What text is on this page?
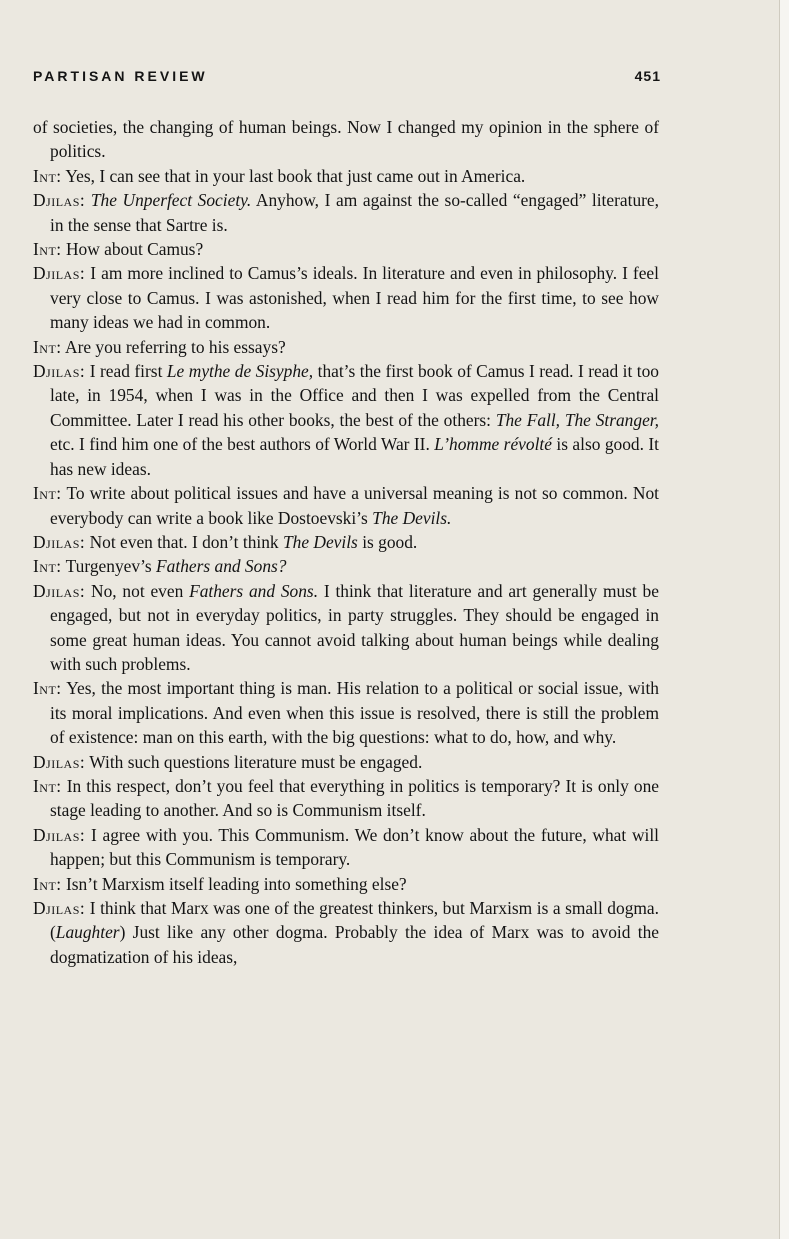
PARTISAN REVIEW	451

of societies, the changing of human beings. Now I changed my opinion in the sphere of politics.

Int: Yes, I can see that in your last book that just came out in America.

Djilas: The Unperfect Society. Anyhow, I am against the so-called “engaged” literature, in the sense that Sartre is.

Int: How about Camus?

Djilas: I am more inclined to Camus’s ideals. In literature and even in philosophy. I feel very close to Camus. I was astonished, when I read him for the first time, to see how many ideas we had in common.

Int: Are you referring to his essays?

Djilas: I read first Le mythe de Sisyphe, that’s the first book of Camus I read. I read it too late, in 1954, when I was in the Office and then I was expelled from the Central Committee. Later I read his other books, the best of the others: The Fall, The Stranger, etc. I find him one of the best authors of World War II. L’homme révolté is also good. It has new ideas.

Int: To write about political issues and have a universal meaning is not so common. Not everybody can write a book like Dostoevski’s The Devils.

Djilas: Not even that. I don’t think The Devils is good.

Int: Turgenyev’s Fathers and Sons?

Djilas: No, not even Fathers and Sons. I think that literature and art generally must be engaged, but not in everyday politics, in party struggles. They should be engaged in some great human ideas. You cannot avoid talking about human beings while dealing with such problems.

Int: Yes, the most important thing is man. His relation to a political or social issue, with its moral implications. And even when this issue is resolved, there is still the problem of existence: man on this earth, with the big questions: what to do, how, and why.

Djilas: With such questions literature must be engaged.

Int: In this respect, don’t you feel that everything in politics is temporary? It is only one stage leading to another. And so is Communism itself.

Djilas: I agree with you. This Communism. We don’t know about the future, what will happen; but this Communism is temporary.

Int: Isn’t Marxism itself leading into something else?

Djilas: I think that Marx was one of the greatest thinkers, but Marxism is a small dogma. (Laughter) Just like any other dogma. Probably the idea of Marx was to avoid the dogmatization of his ideas,
